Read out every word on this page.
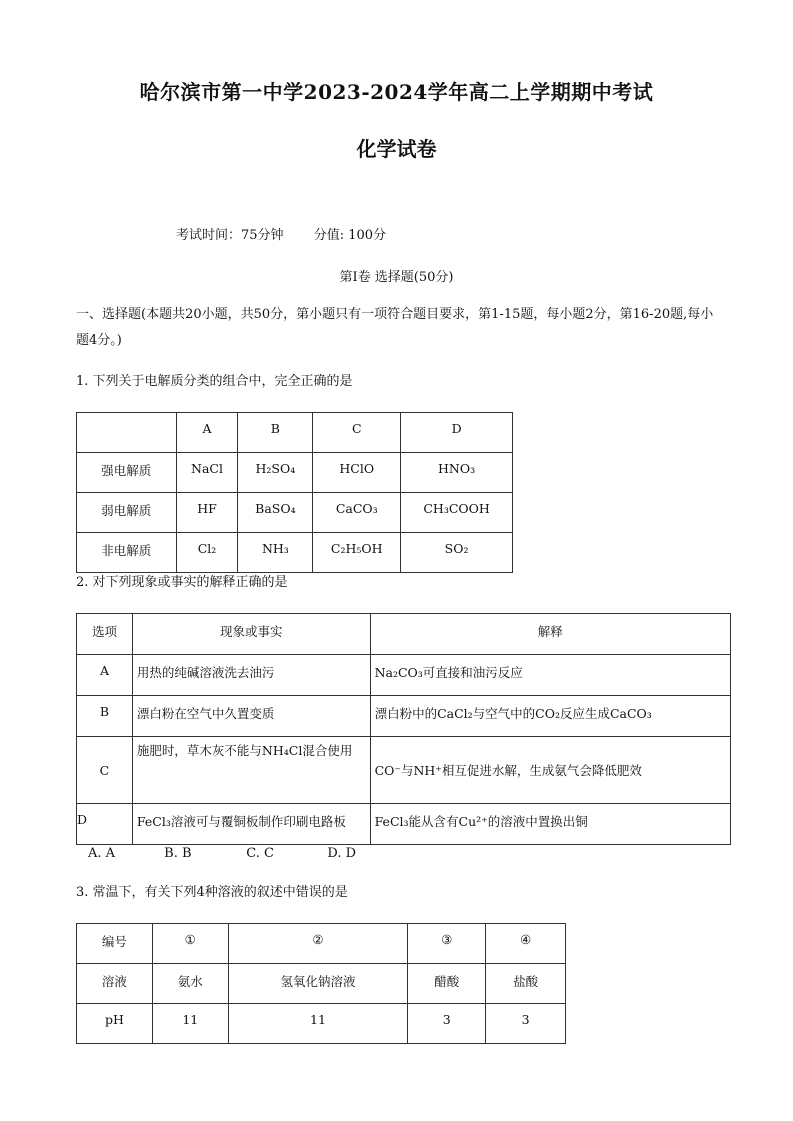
哈尔滨市第一中学2023-2024学年高二上学期期中考试
化学试卷
考试时间：75分钟 分值: 100分
第Ⅰ卷 选择题(50分)
一、选择题(本题共20小题，共50分，第小题只有一项符合题目要求，第1-15题，每小题2分，第16-20题,每小题4分。)
1. 下列关于电解质分类的组合中，完全正确的是
	A	B	C	D
强电解质	NaCl	H₂SO₄	HClO	HNO₃
弱电解质	HF	BaSO₄	CaCO₃	CH₃COOH
非电解质	Cl₂	NH₃	C₂H₅OH	SO₂
2. 对下列现象或事实的解释正确的是
选项	现象或事实	解释
A	用热的纯碱溶液洗去油污	Na₂CO₃可直接和油污反应
B	漂白粉在空气中久置变质	漂白粉中的CaCl₂与空气中的CO₂反应生成CaCO₃
C	施肥时，草木灰不能与NH₄Cl混合使用	CO⁻与NH⁺相互促进水解，生成氨气会降低肥效
D	FeCl₃溶液可与覆铜板制作印刷电路板	FeCl₃能从含有Cu²⁺的溶液中置换出铜
A. A	B. B	C. C	D. D
3. 常温下，有关下列4种溶液的叙述中错误的是
编号	①	②	③	④
溶液	氨水	氢氧化钠溶液	醋酸	盐酸
pH	11	11	3	3
